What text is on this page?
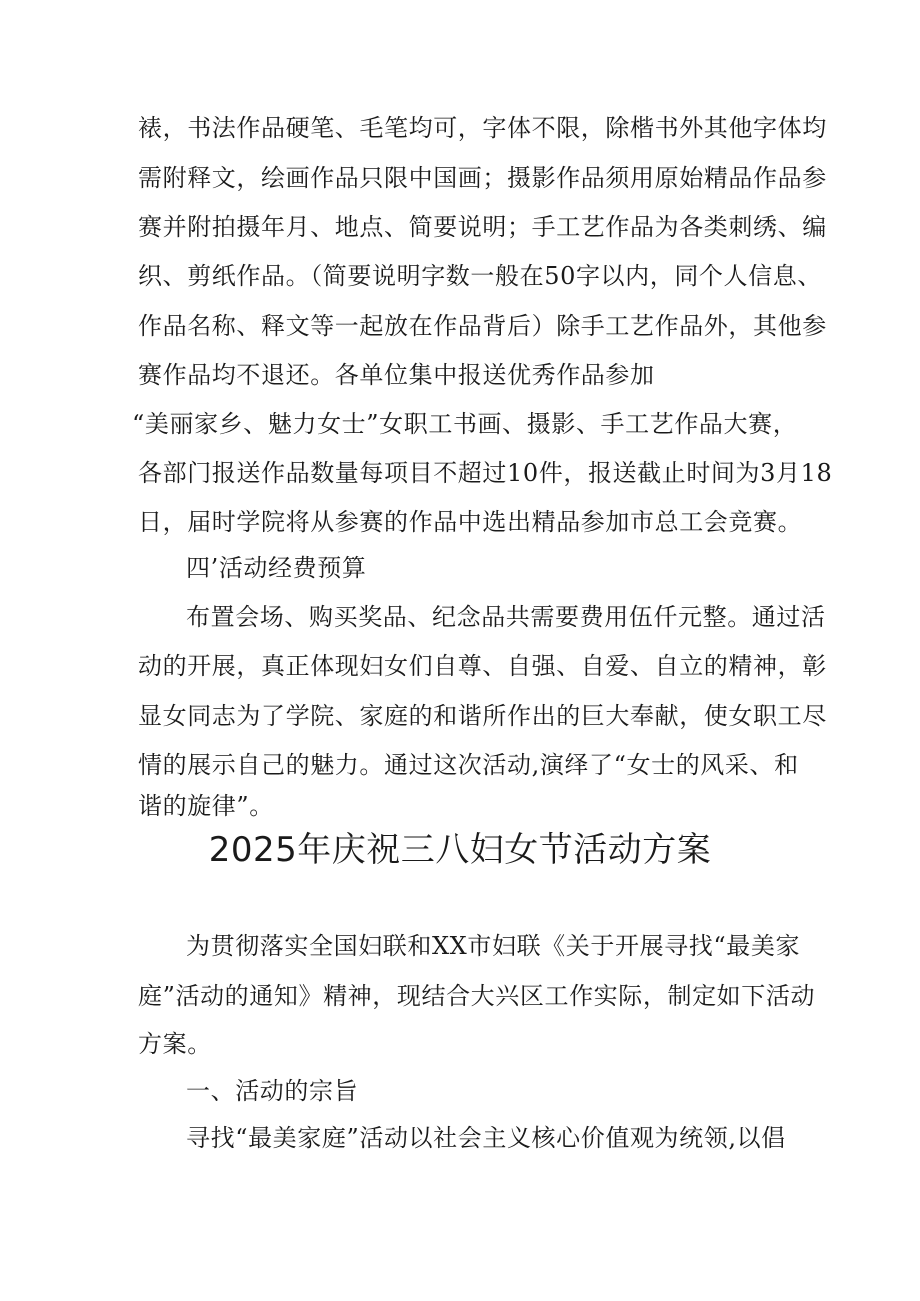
裱，书法作品硬笔、毛笔均可，字体不限，除楷书外其他字体均
需附释文，绘画作品只限中国画；摄影作品须用原始精品作品参
赛并附拍摄年月、地点、简要说明；手工艺作品为各类刺绣、编
织、剪纸作品。（简要说明字数一般在50字以内，同个人信息、
作品名称、释文等一起放在作品背后）除手工艺作品外，其他参
赛作品均不退还。各单位集中报送优秀作品参加
“美丽家乡、魅力女士”女职工书画、摄影、手工艺作品大赛，
各部门报送作品数量每项目不超过10件，报送截止时间为3月18
日，届时学院将从参赛的作品中选出精品参加市总工会竞赛。
四’活动经费预算
布置会场、购买奖品、纪念品共需要费用伍仟元整。通过活
动的开展，真正体现妇女们自尊、自强、自爱、自立的精神，彰
显女同志为了学院、家庭的和谐所作出的巨大奉献，使女职工尽
情的展示自己的魅力。通过这次活动,演绎了“女士的风采、和
谐的旋律”。
2025年庆祝三八妇女节活动方案
为贯彻落实全国妇联和XX市妇联《关于开展寻找“最美家
庭”活动的通知》精神，现结合大兴区工作实际，制定如下活动
方案。
一、活动的宗旨
寻找“最美家庭”活动以社会主义核心价值观为统领,以倡
